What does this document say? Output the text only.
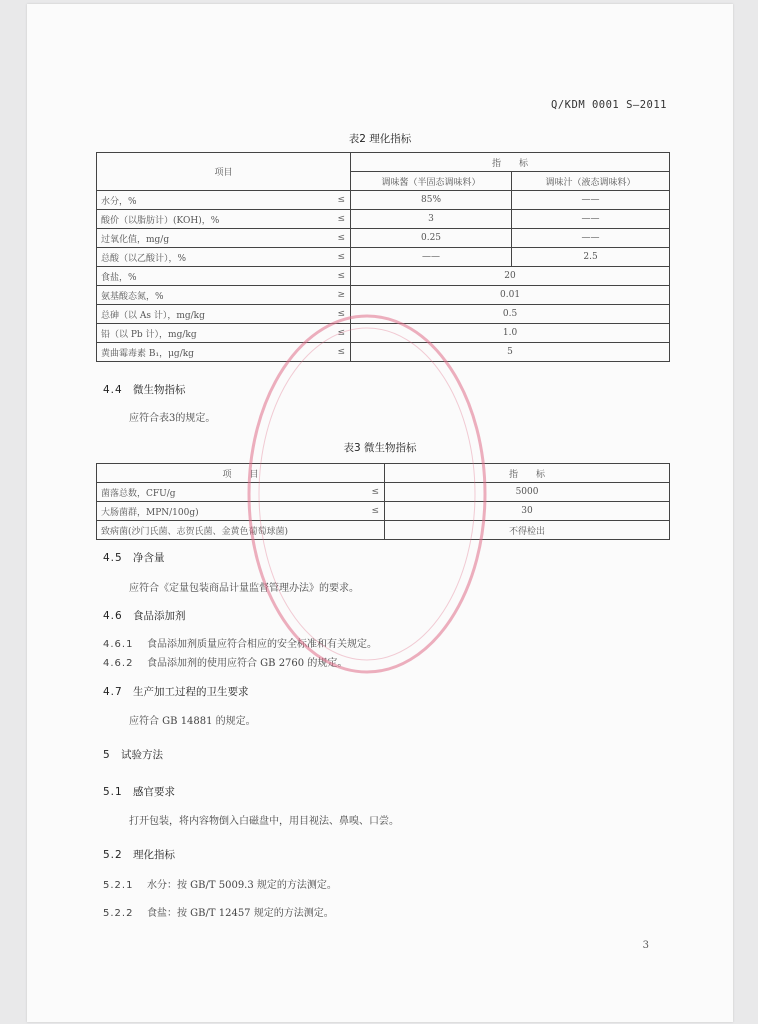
Q/KDM 0001 S—2011
表2 理化指标
项目		指　　标	
		调味酱（半固态调味料）	调味汁（液态调味料）
水分，%	≤	85%	——
酸价（以脂肪计）(KOH)，%	≤	3	——
过氧化值，mg/g	≤	0.25	——
总酸（以乙酸计），%	≤	——	2.5
食盐，%	≤	20	
氨基酸态氮，%	≥	0.01	
总砷（以 As 计），mg/kg	≤	0.5	
铅（以 Pb 计），mg/kg	≤	1.0	
黄曲霉毒素 B₁，μg/kg	≤	5	
4.4 微生物指标
应符合表3的规定。
表3 微生物指标
项　　目		指　　标
菌落总数，CFU/g	≤	5000
大肠菌群，MPN/100g)	≤	30
致病菌(沙门氏菌、志贺氏菌、金黄色葡萄球菌)		不得检出
4.5 净含量
应符合《定量包装商品计量监督管理办法》的要求。
4.6 食品添加剂
4.6.1 食品添加剂质量应符合相应的安全标准和有关规定。
4.6.2 食品添加剂的使用应符合 GB 2760 的规定。
4.7 生产加工过程的卫生要求
应符合 GB 14881 的规定。
5 试验方法
5.1 感官要求
打开包装，将内容物倒入白磁盘中，用目视法、鼻嗅、口尝。
5.2 理化指标
5.2.1 水分：按 GB/T 5009.3 规定的方法测定。
5.2.2 食盐：按 GB/T 12457 规定的方法测定。
3
